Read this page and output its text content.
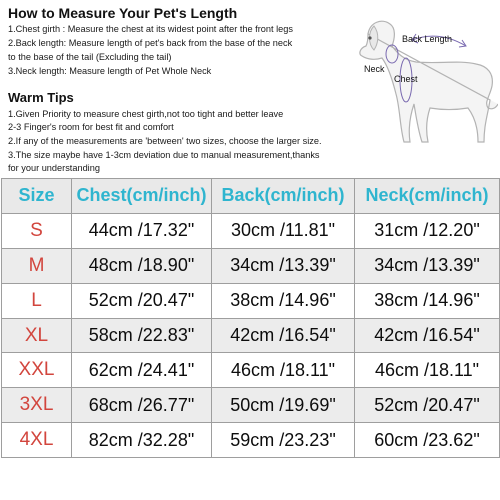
How to Measure Your Pet's Length
1.Chest girth : Measure the chest at its widest point after the front legs
2.Back length: Measure length of pet's back from the base of the neck
to the base of the tail (Excluding the tail)
3.Neck length: Measure length of Pet Whole Neck
Warm Tips
1.Given Priority to measure chest girth,not too tight and better leave
2-3 Finger's room for best fit and comfort
2.If any of the measurements are 'between' two sizes, choose the larger size.
3.The size maybe have 1-3cm deviation due to manual measurement,thanks
for your understanding
Back Length
Neck
Chest
Size	Chest(cm/inch)	Back(cm/inch)	Neck(cm/inch)
S	44cm /17.32"	30cm /11.81"	31cm /12.20"
M	48cm /18.90"	34cm /13.39"	34cm /13.39"
L	52cm /20.47"	38cm /14.96"	38cm /14.96"
XL	58cm /22.83"	42cm /16.54"	42cm /16.54"
XXL	62cm /24.41"	46cm /18.11"	46cm /18.11"
3XL	68cm /26.77"	50cm /19.69"	52cm /20.47"
4XL	82cm /32.28"	59cm /23.23"	60cm /23.62"
